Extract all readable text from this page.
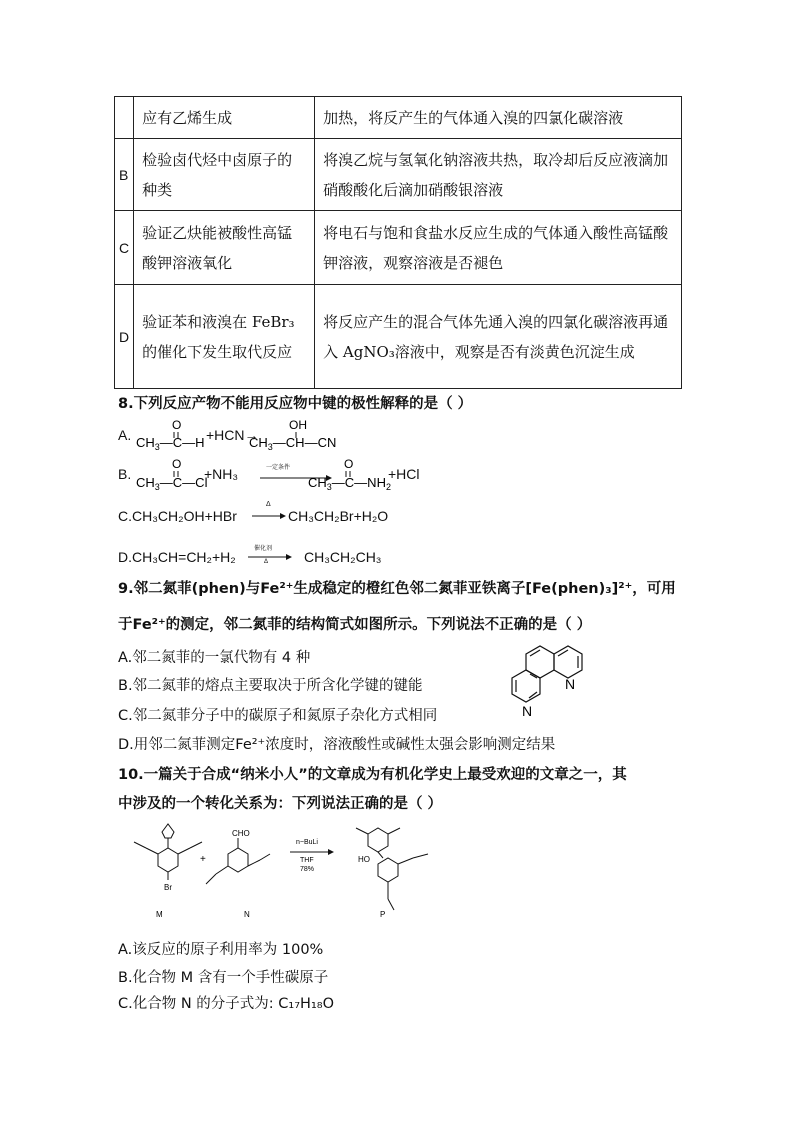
	应有乙烯生成	加热，将反产生的气体通入溴的四氯化碳溶液
B	检验卤代烃中卤原子的种类	将溴乙烷与氢氧化钠溶液共热，取冷却后反应液滴加硝酸酸化后滴加硝酸银溶液
C	验证乙炔能被酸性高锰酸钾溶液氧化	将电石与饱和食盐水反应生成的气体通入酸性高锰酸钾溶液，观察溶液是否褪色
D	验证苯和液溴在 FeBr₃的催化下发生取代反应	将反应产生的混合气体先通入溴的四氯化碳溶液再通入 AgNO₃溶液中，观察是否有淡黄色沉淀生成
8.下列反应产物不能用反应物中键的极性解释的是（ ）
A. $CH_3—C—H$
O
$CH_3—CH—CN$
OH
+HCN→
B.
$CH_3—C—Cl$
O
$CH_3—C—NH_2$
O
+NH₃	一定条件	+HCl
C.CH₃CH₂OH+HBr →
Δ
CH₃CH₂Br+H₂O
D.CH₃CH=CH₂+H₂ →
催化剂
Δ	CH₃CH₂CH₃
9.邻二氮菲(phen)与Fe²⁺生成稳定的橙红色邻二氮菲亚铁离子[Fe(phen)₃]²⁺，可用
于Fe²⁺的测定，邻二氮菲的结构简式如图所示。下列说法不正确的是（ ）
A.邻二氮菲的一氯代物有 4 种
B.邻二氮菲的熔点主要取决于所含化学键的键能
C.邻二氮菲分子中的碳原子和氮原子杂化方式相同
D.用邻二氮菲测定Fe²⁺浓度时，溶液酸性或碱性太强会影响测定结果
N
N
10.一篇关于合成“纳米小人”的文章成为有机化学史上最受欢迎的文章之一，其
中涉及的一个转化关系为：下列说法正确的是（ ）
Br
CHO
+
n−BuLi
THF
78%
HO
M	N	P
A.该反应的原子利用率为 100%
B.化合物 M 含有一个手性碳原子
C.化合物 N 的分子式为: C₁₇H₁₈O
